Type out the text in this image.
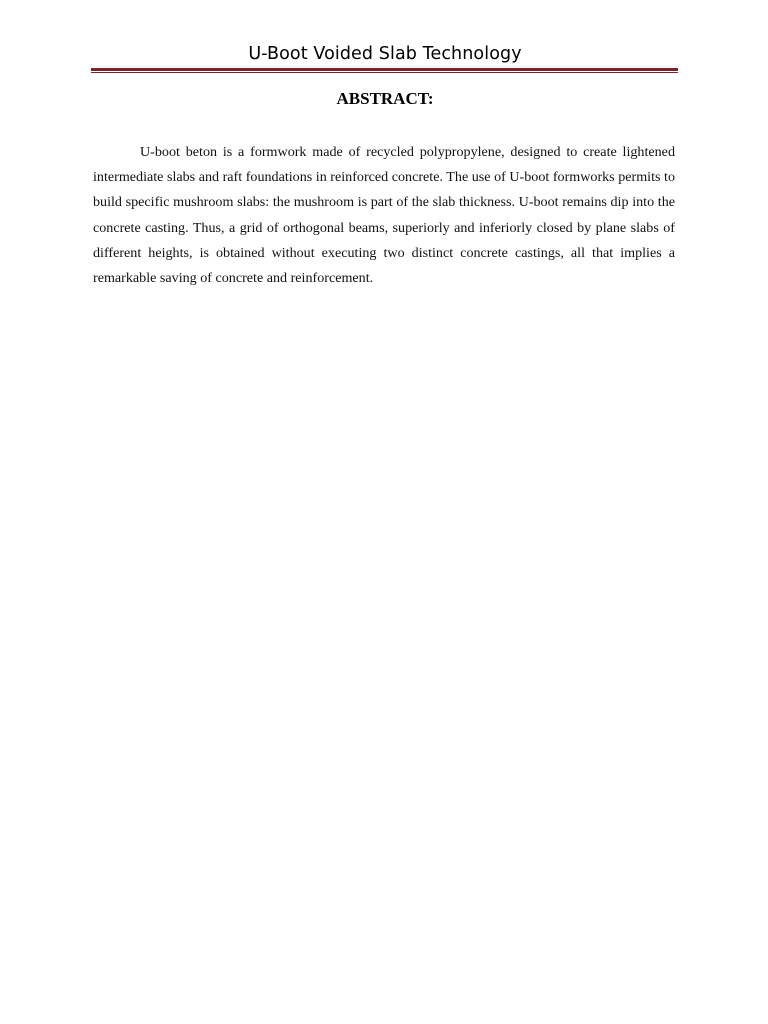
U-Boot Voided Slab Technology
ABSTRACT:

U-boot beton is a formwork made of recycled polypropylene, designed to create lightened intermediate slabs and raft foundations in reinforced concrete. The use of U-boot formworks permits to build specific mushroom slabs: the mushroom is part of the slab thickness. U-boot remains dip into the concrete casting. Thus, a grid of orthogonal beams, superiorly and inferiorly closed by plane slabs of different heights, is obtained without executing two distinct concrete castings, all that implies a remarkable saving of concrete and reinforcement.
